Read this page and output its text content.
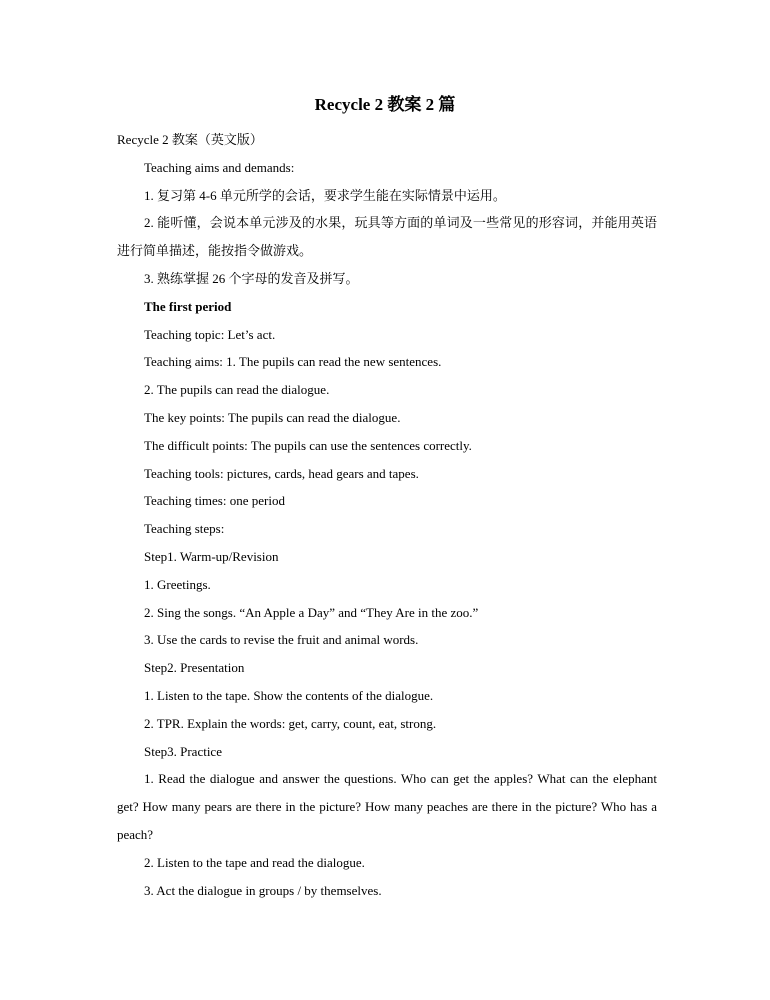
Recycle 2 教案 2 篇

Recycle 2 教案（英文版）

Teaching aims and demands:

1. 复习第 4-6 单元所学的会话，要求学生能在实际情景中运用。

2. 能听懂，会说本单元涉及的水果，玩具等方面的单词及一些常见的形容词，并能用英语进行简单描述，能按指令做游戏。

3. 熟练掌握 26 个字母的发音及拼写。

The first period

Teaching topic: Let’s act.

Teaching aims: 1. The pupils can read the new sentences.

2. The pupils can read the dialogue.

The key points: The pupils can read the dialogue.

The difficult points: The pupils can use the sentences correctly.

Teaching tools: pictures, cards, head gears and tapes.

Teaching times: one period

Teaching steps:

Step1. Warm-up/Revision

1. Greetings.

2. Sing the songs. “An Apple a Day” and “They Are in the zoo.”

3. Use the cards to revise the fruit and animal words.

Step2. Presentation

1. Listen to the tape. Show the contents of the dialogue.

2. TPR. Explain the words: get, carry, count, eat, strong.

Step3. Practice

1. Read the dialogue and answer the questions. Who can get the apples? What can the elephant get? How many pears are there in the picture? How many peaches are there in the picture? Who has a peach?

2. Listen to the tape and read the dialogue.

3. Act the dialogue in groups / by themselves.
